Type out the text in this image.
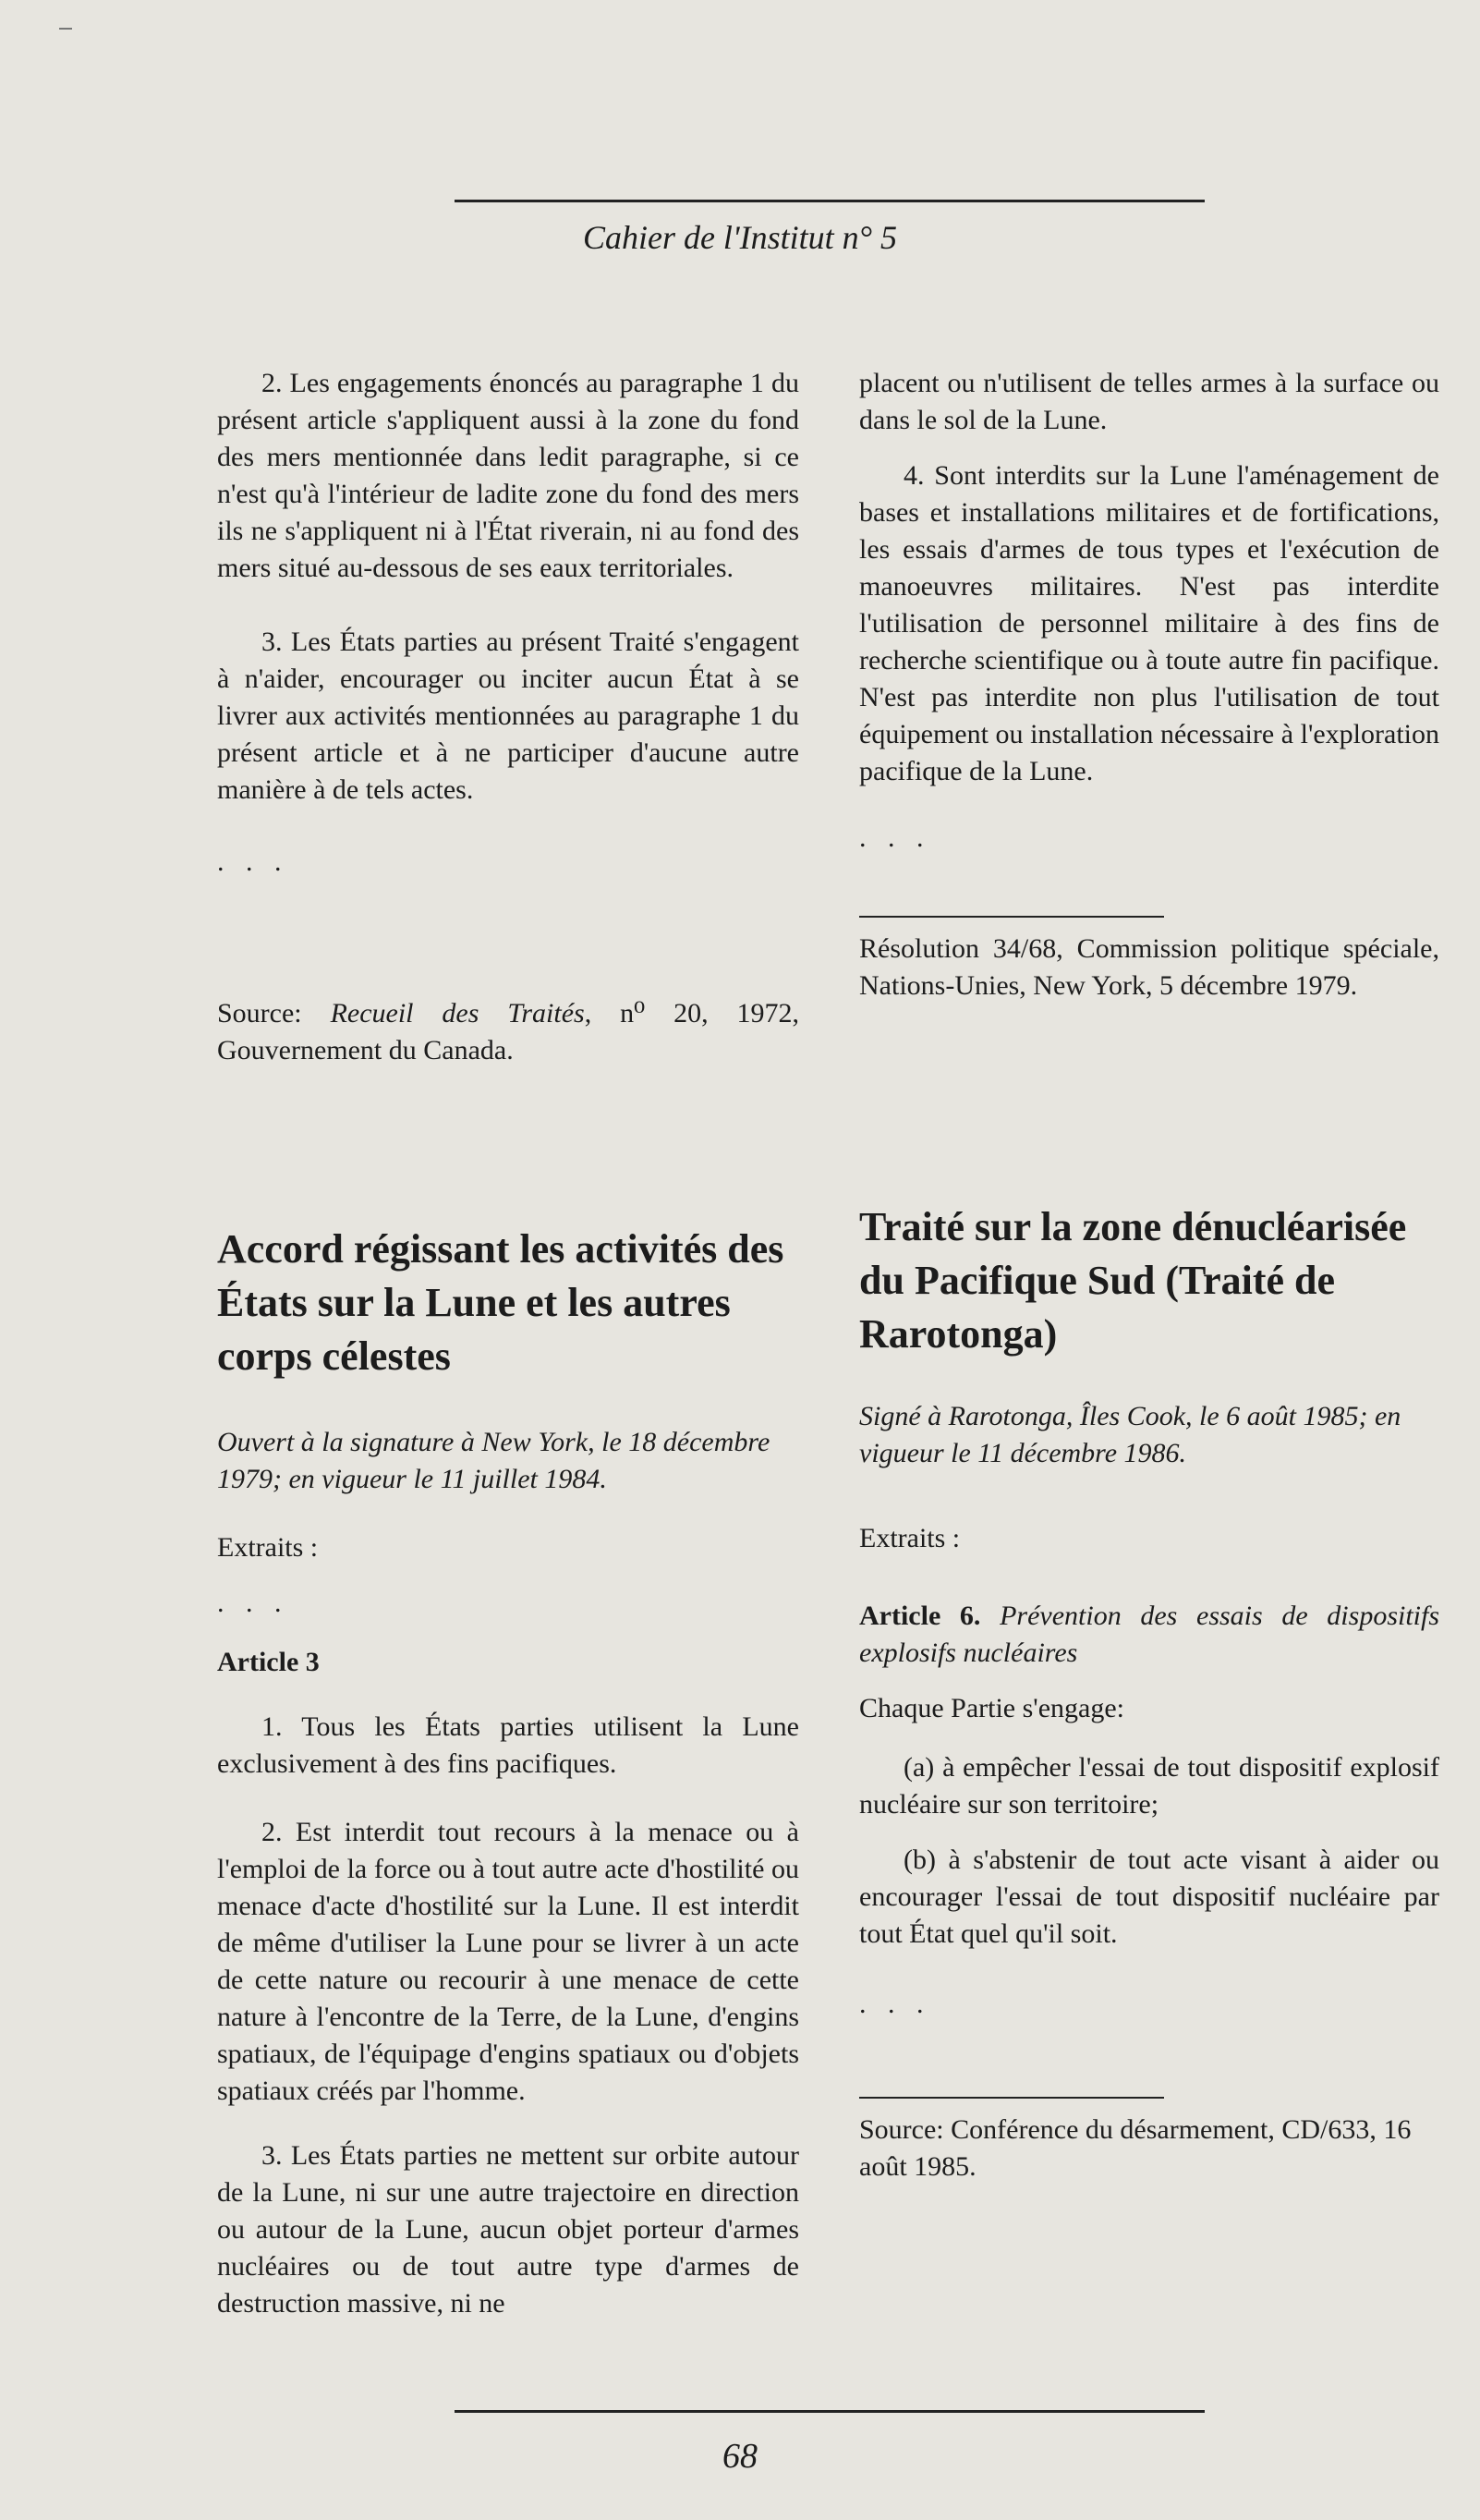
Cahier de l'Institut n° 5

2. Les engagements énoncés au paragraphe 1 du présent article s'appliquent aussi à la zone du fond des mers mentionnée dans ledit paragraphe, si ce n'est qu'à l'intérieur de ladite zone du fond des mers ils ne s'appliquent ni à l'État riverain, ni au fond des mers situé au-dessous de ses eaux territoriales.

3. Les États parties au présent Traité s'engagent à n'aider, encourager ou inciter aucun État à se livrer aux activités mentionnées au paragraphe 1 du présent article et à ne participer d'aucune autre manière à de tels actes.

. . .

Source: Recueil des Traités, n⁰ 20, 1972, Gouvernement du Canada.

Accord régissant les activités des États sur la Lune et les autres corps célestes

Ouvert à la signature à New York, le 18 décembre 1979; en vigueur le 11 juillet 1984.

Extraits :

. . .

Article 3

1. Tous les États parties utilisent la Lune exclusivement à des fins pacifiques.

2. Est interdit tout recours à la menace ou à l'emploi de la force ou à tout autre acte d'hostilité ou menace d'acte d'hostilité sur la Lune. Il est interdit de même d'utiliser la Lune pour se livrer à un acte de cette nature ou recourir à une menace de cette nature à l'encontre de la Terre, de la Lune, d'engins spatiaux, de l'équipage d'engins spatiaux ou d'objets spatiaux créés par l'homme.

3. Les États parties ne mettent sur orbite autour de la Lune, ni sur une autre trajectoire en direction ou autour de la Lune, aucun objet porteur d'armes nucléaires ou de tout autre type d'armes de destruction massive, ni ne

placent ou n'utilisent de telles armes à la surface ou dans le sol de la Lune.

4. Sont interdits sur la Lune l'aménagement de bases et installations militaires et de fortifications, les essais d'armes de tous types et l'exécution de manoeuvres militaires. N'est pas interdite l'utilisation de personnel militaire à des fins de recherche scientifique ou à toute autre fin pacifique. N'est pas interdite non plus l'utilisation de tout équipement ou installation nécessaire à l'exploration pacifique de la Lune.

. . .

Résolution 34/68, Commission politique spéciale, Nations-Unies, New York, 5 décembre 1979.

Traité sur la zone dénucléarisée du Pacifique Sud (Traité de Rarotonga)

Signé à Rarotonga, Îles Cook, le 6 août 1985; en vigueur le 11 décembre 1986.

Extraits :

Article 6. Prévention des essais de dispositifs explosifs nucléaires

Chaque Partie s'engage:

(a) à empêcher l'essai de tout dispositif explosif nucléaire sur son territoire;

(b) à s'abstenir de tout acte visant à aider ou encourager l'essai de tout dispositif nucléaire par tout État quel qu'il soit.

. . .

Source: Conférence du désarmement, CD/633, 16 août 1985.

68
